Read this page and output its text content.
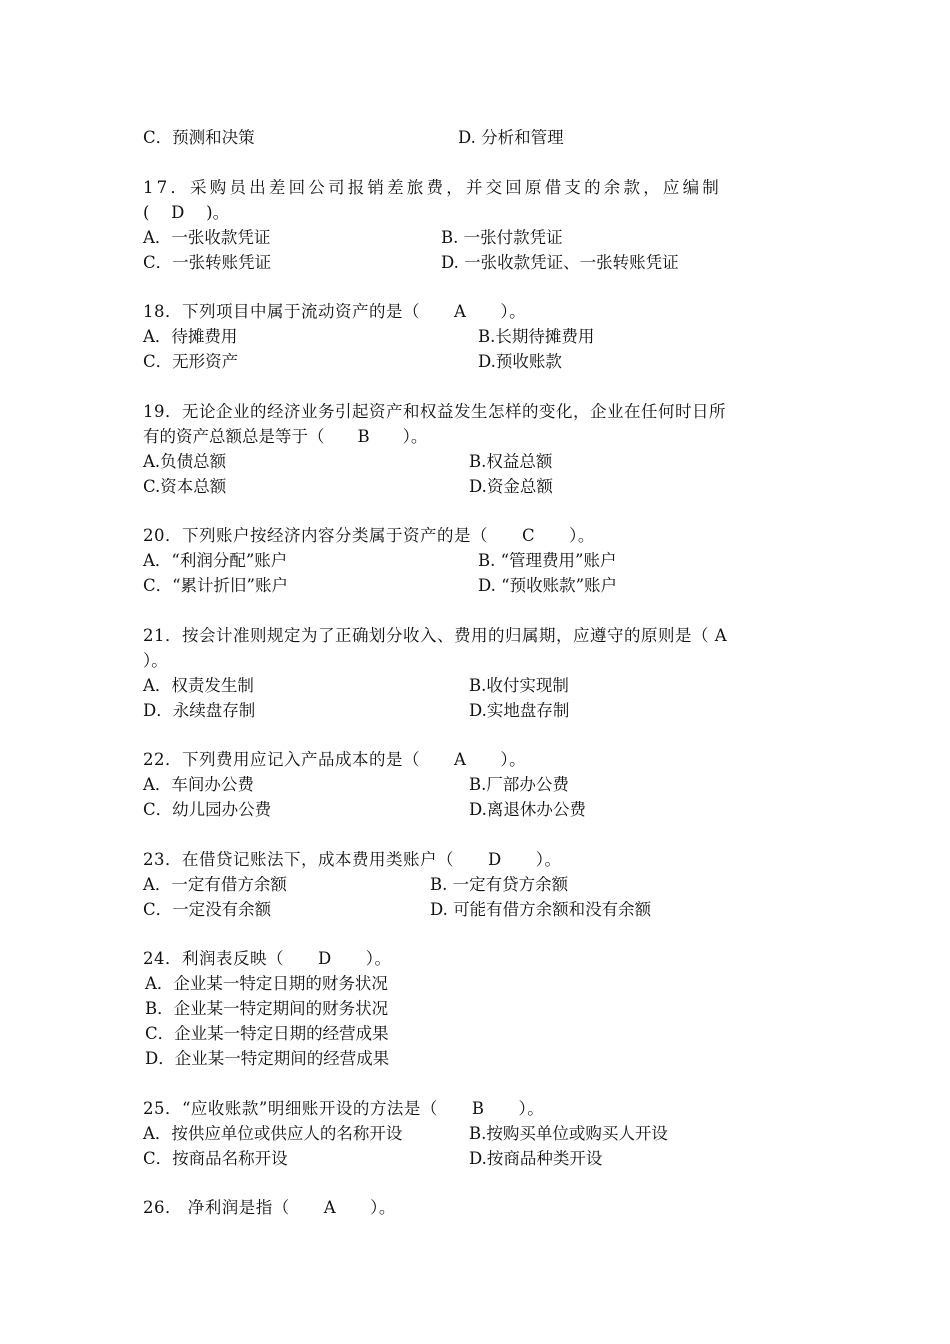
C．预测和决策	D. 分析和管理
17．采购员出差回公司报销差旅费，并交回原借支的余款，应编制
(　 D　 )。
A．一张收款凭证	B. 一张付款凭证
C．一张转账凭证	D. 一张收款凭证、一张转账凭证
18．下列项目中属于流动资产的是（　　A　　）。
A．待摊费用	B.长期待摊费用
C．无形资产	D.预收账款
19．无论企业的经济业务引起资产和权益发生怎样的变化，企业在任何时日所
有的资产总额总是等于（　　B　　）。
A.负债总额	B.权益总额
C.资本总额	D.资金总额
20．下列账户按经济内容分类属于资产的是（　　C　　）。
A．“利润分配”账户	B. “管理费用”账户
C．“累计折旧”账户	D. “预收账款”账户
21．按会计准则规定为了正确划分收入、费用的归属期，应遵守的原则是（ A
）。
A．权责发生制	B.收付实现制
D．永续盘存制	D.实地盘存制
22．下列费用应记入产品成本的是（　　A　　）。
A．车间办公费	B.厂部办公费
C．幼儿园办公费	D.离退休办公费
23．在借贷记账法下，成本费用类账户（　　D　　）。
A．一定有借方余额	B. 一定有贷方余额
C．一定没有余额	D. 可能有借方余额和没有余额
24．利润表反映（　　D　　）。
A．企业某一特定日期的财务状况
B．企业某一特定期间的财务状况
C．企业某一特定日期的经营成果
D．企业某一特定期间的经营成果
25．“应收账款”明细账开设的方法是（　　B　　）。
A．按供应单位或供应人的名称开设	B.按购买单位或购买人开设
C．按商品名称开设	D.按商品种类开设
26． 净利润是指（　　A　　）。
